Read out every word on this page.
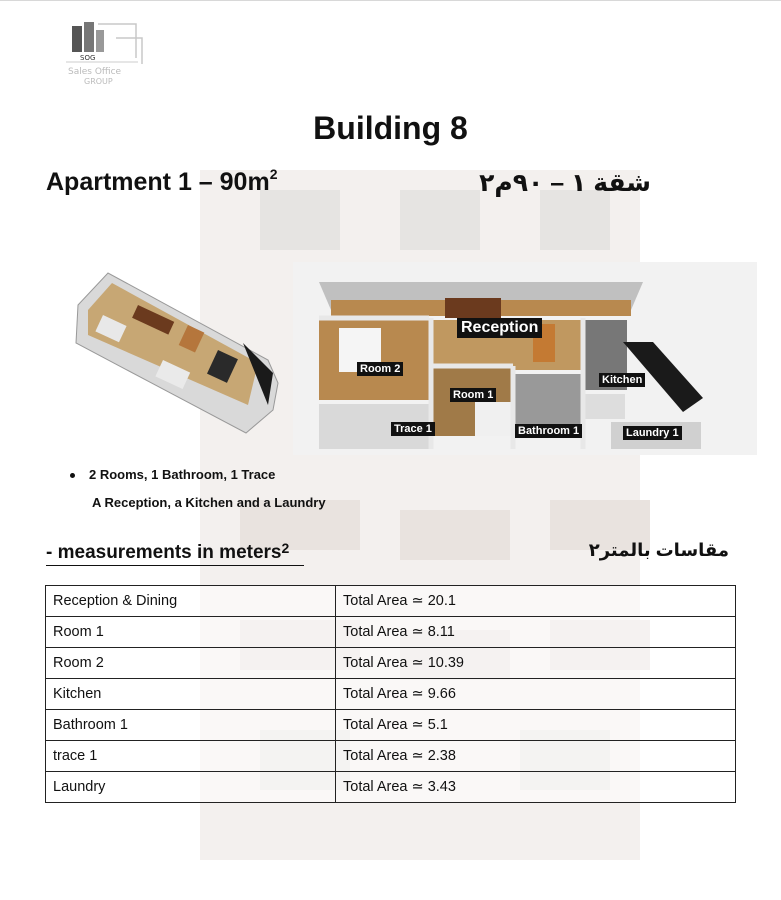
SOG
Sales Office
GROUP
Building 8
Apartment $1 - 90m^2$	شقة ١ – ٩٠م٢
Reception
Room 2
Room 1
Kitchen
Trace 1	Bathroom 1	Laundry 1
2 Rooms, 1 Bathroom, 1 Trace
A Reception, a Kitchen and a Laundry
- measurements in meters$^2$	مقاسات بالمتر٢
Reception & Dining	Total Area ≃ 20.1
Room 1	Total Area ≃ 8.11
Room 2	Total Area ≃ 10.39
Kitchen	Total Area ≃ 9.66
Bathroom 1	Total Area ≃ 5.1
trace 1	Total Area ≃ 2.38
Laundry	Total Area ≃ 3.43
